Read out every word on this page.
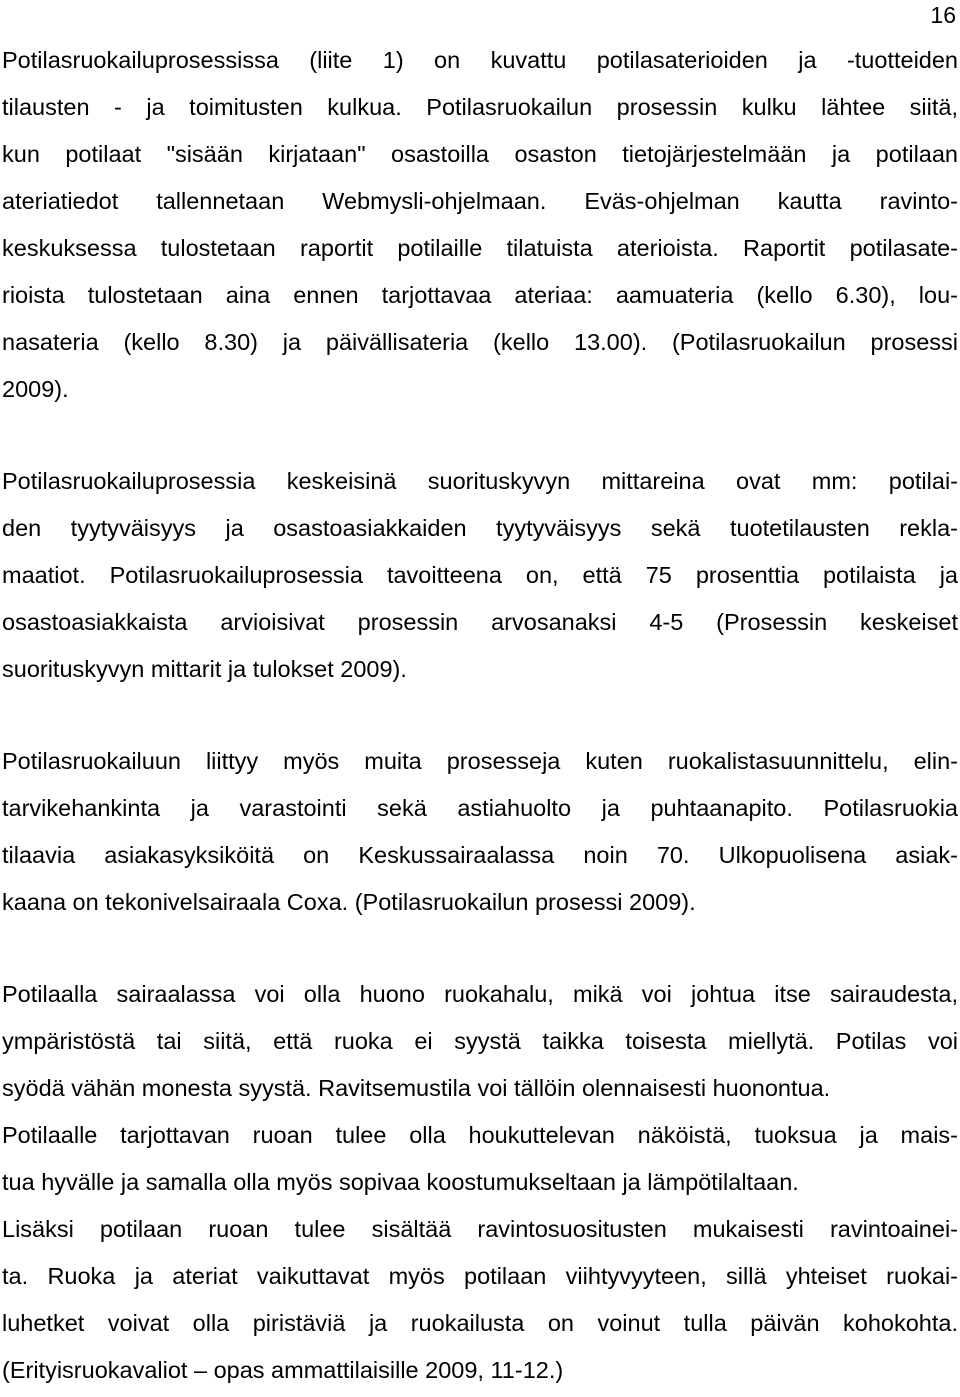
16
Potilasruokailuprosessissa (liite 1) on kuvattu potilasaterioiden ja -tuotteiden
tilausten - ja toimitusten kulkua. Potilasruokailun prosessin kulku lähtee siitä,
kun potilaat "sisään kirjataan" osastoilla osaston tietojärjestelmään ja potilaan
ateriatiedot tallennetaan Webmysli-ohjelmaan. Eväs-ohjelman kautta ravinto-
keskuksessa tulostetaan raportit potilaille tilatuista aterioista. Raportit potilasate-
rioista tulostetaan aina ennen tarjottavaa ateriaa: aamuateria (kello 6.30), lou-
nasateria (kello 8.30) ja päivällisateria (kello 13.00). (Potilasruokailun prosessi
2009).
Potilasruokailuprosessia keskeisinä suorituskyvyn mittareina ovat mm: potilai-
den tyytyväisyys ja osastoasiakkaiden tyytyväisyys sekä tuotetilausten rekla-
maatiot. Potilasruokailuprosessia tavoitteena on, että 75 prosenttia potilaista ja
osastoasiakkaista arvioisivat prosessin arvosanaksi 4-5 (Prosessin keskeiset
suorituskyvyn mittarit ja tulokset 2009).
Potilasruokailuun liittyy myös muita prosesseja kuten ruokalistasuunnittelu, elin-
tarvikehankinta ja varastointi sekä astiahuolto ja puhtaanapito. Potilasruokia
tilaavia asiakasyksiköitä on Keskussairaalassa noin 70. Ulkopuolisena asiak-
kaana on tekonivelsairaala Coxa. (Potilasruokailun prosessi 2009).
Potilaalla sairaalassa voi olla huono ruokahalu, mikä voi johtua itse sairaudesta,
ympäristöstä tai siitä, että ruoka ei syystä taikka toisesta miellytä. Potilas voi
syödä vähän monesta syystä. Ravitsemustila voi tällöin olennaisesti huonontua.
Potilaalle tarjottavan ruoan tulee olla houkuttelevan näköistä, tuoksua ja mais-
tua hyvälle ja samalla olla myös sopivaa koostumukseltaan ja lämpötilaltaan.
Lisäksi potilaan ruoan tulee sisältää ravintosuositusten mukaisesti ravintoainei-
ta. Ruoka ja ateriat vaikuttavat myös potilaan viihtyvyyteen, sillä yhteiset ruokai-
luhetket voivat olla piristäviä ja ruokailusta on voinut tulla päivän kohokohta.
(Erityisruokavaliot – opas ammattilaisille 2009, 11-12.)
